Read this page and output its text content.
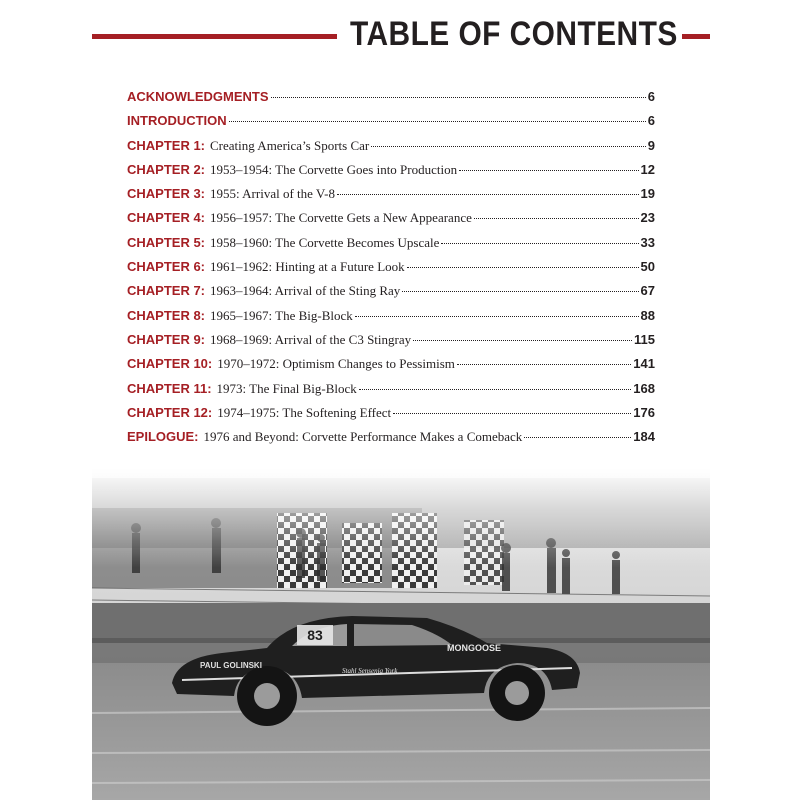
TABLE OF CONTENTS
ACKNOWLEDGMENTS	6
INTRODUCTION	6
CHAPTER 1: Creating America’s Sports Car	9
CHAPTER 2: 1953–1954: The Corvette Goes into Production	12
CHAPTER 3: 1955: Arrival of the V-8	19
CHAPTER 4: 1956–1957: The Corvette Gets a New Appearance	23
CHAPTER 5: 1958–1960: The Corvette Becomes Upscale	33
CHAPTER 6: 1961–1962: Hinting at a Future Look	50
CHAPTER 7: 1963–1964: Arrival of the Sting Ray	67
CHAPTER 8: 1965–1967: The Big-Block	88
CHAPTER 9: 1968–1969: Arrival of the C3 Stingray	115
CHAPTER 10: 1970–1972: Optimism Changes to Pessimism	141
CHAPTER 11: 1973: The Final Big-Block	168
CHAPTER 12: 1974–1975: The Softening Effect	176
EPILOGUE: 1976 and Beyond: Corvette Performance Makes a Comeback	184
